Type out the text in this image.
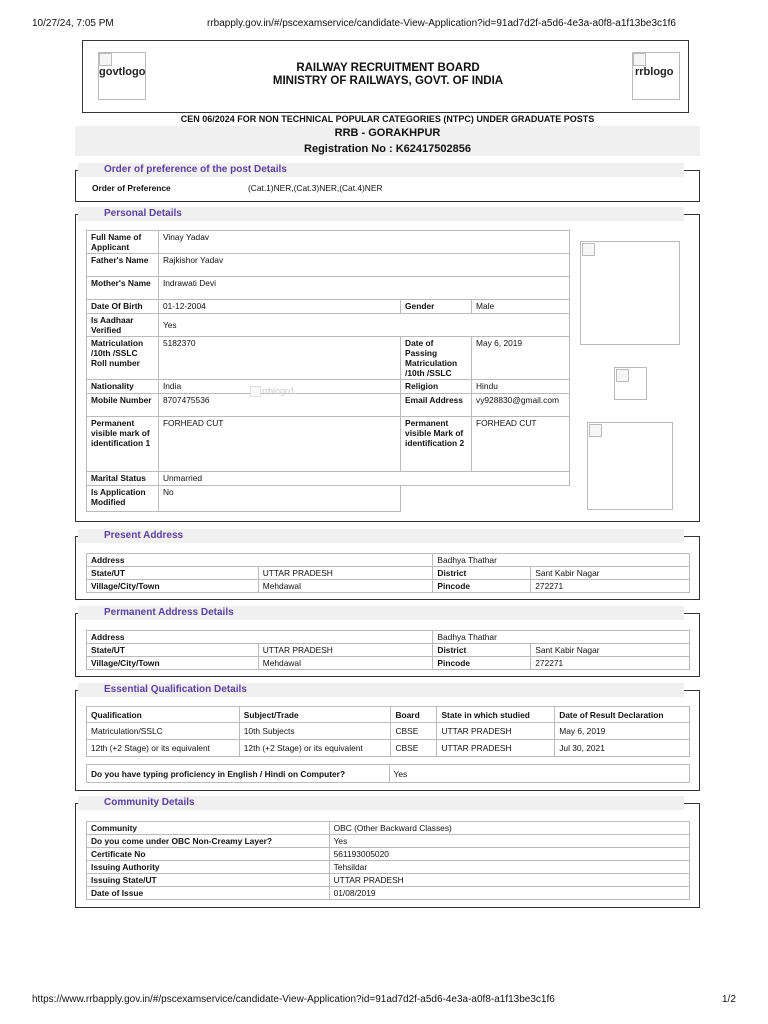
10/27/24, 7:05 PM	rrbapply.gov.in/#/pscexamservice/candidate-View-Application?id=91ad7d2f-a5d6-4e3a-a0f8-a1f13be3c1f6
https://www.rrbapply.gov.in/#/pscexamservice/candidate-View-Application?id=91ad7d2f-a5d6-4e3a-a0f8-a1f13be3c1f6	1/2
govtlogo	rrblogo
RAILWAY RECRUITMENT BOARD
MINISTRY OF RAILWAYS, GOVT. OF INDIA
CEN 06/2024 FOR NON TECHNICAL POPULAR CATEGORIES (NTPC) UNDER GRADUATE POSTS
RRB - GORAKHPUR
Registration No : K62417502856
Order of preference of the post Details
Order of Preference	(Cat.1)NER,(Cat.3)NER,(Cat.4)NER
Personal Details
Full Name of Applicant	Vinay Yadav		
Father's Name	Rajkishor Yadav		
Mother's Name	Indrawati Devi		
Date Of Birth	01-12-2004	Gender	Male
Is Aadhaar Verified	Yes		
Matriculation /10th /SSLC Roll number	5182370	Date of Passing Matriculation /10th /SSLC	May 6, 2019
Nationality	India	Religion	Hindu
Mobile Number	8707475536	Email Address	vy928830@gmail.com
Permanent visible mark of identification 1	FORHEAD CUT	Permanent visible Mark of identification 2	FORHEAD CUT
Marital Status	Unmarried		
Is Application Modified	No		
rrblogo1
Present Address
Address		Badhya Thathar	
State/UT	UTTAR PRADESH	District	Sant Kabir Nagar
Village/City/Town	Mehdawal	Pincode	272271
Permanent Address Details
Address		Badhya Thathar	
State/UT	UTTAR PRADESH	District	Sant Kabir Nagar
Village/City/Town	Mehdawal	Pincode	272271
Essential Qualification Details
Qualification	Subject/Trade	Board	State in which studied	Date of Result Declaration
Matriculation/SSLC	10th Subjects	CBSE	UTTAR PRADESH	May 6, 2019
12th (+2 Stage) or its equivalent	12th (+2 Stage) or its equivalent	CBSE	UTTAR PRADESH	Jul 30, 2021
Do you have typing proficiency in English / Hindi on Computer?	Yes
Community Details
Community	OBC (Other Backward Classes)
Do you come under OBC Non-Creamy Layer?	Yes
Certificate No	561193005020
Issuing Authority	Tehsildar
Issuing State/UT	UTTAR PRADESH
Date of Issue	01/08/2019
